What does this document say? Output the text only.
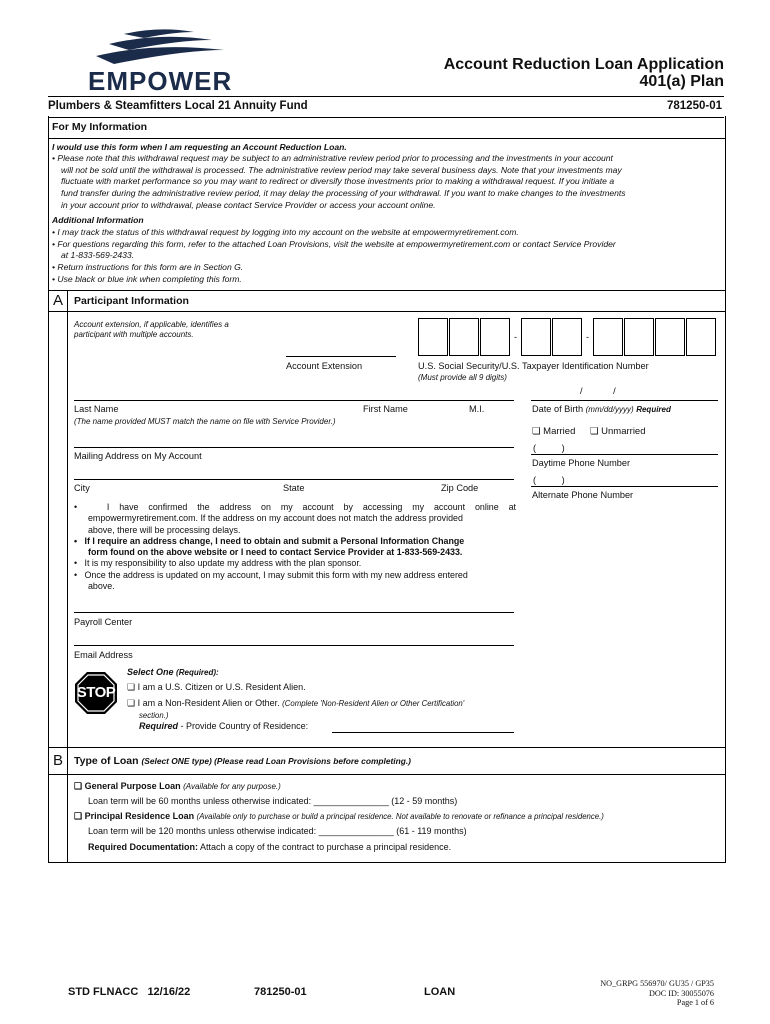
EMPOWER
Account Reduction Loan Application
401(a) Plan
Plumbers & Steamfitters Local 21 Annuity Fund	781250-01
For My Information
I would use this form when I am requesting an Account Reduction Loan.
• Please note that this withdrawal request may be subject to an administrative review period prior to processing and the investments in your account
will not be sold until the withdrawal is processed. The administrative review period may take several business days. Note that your investments may
fluctuate with market performance so you may want to redirect or diversify those investments prior to making a withdrawal request. If you initiate a
fund transfer during the administrative review period, it may delay the processing of your withdrawal. If you want to make changes to the investments
in your account prior to withdrawal, please contact Service Provider or access your account online.
Additional Information
• I may track the status of this withdrawal request by logging into my account on the website at empowermyretirement.com.
• For questions regarding this form, refer to the attached Loan Provisions, visit the website at empowermyretirement.com or contact Service Provider
at 1-833-569-2433.
• Return instructions for this form are in Section G.
• Use black or blue ink when completing this form.
A Participant Information
Account extension, if applicable, identifies a
participant with multiple accounts.
Account Extension
-	-
U.S. Social Security/U.S. Taxpayer Identification Number
(Must provide all 9 digits)
Last Name	First Name	M.I.
(The name provided MUST match the name on file with Service Provider.)
/            /
Date of Birth (mm/dd/yyyy) Required
❏ Married ❏ Unmarried
Mailing Address on My Account
(          )
Daytime Phone Number
City	State	Zip Code
(          )
Alternate Phone Number
•   I have confirmed the address on my account by accessing my account online at
empowermyretirement.com. If the address on my account does not match the address provided
above, there will be processing delays.
•   If I require an address change, I need to obtain and submit a Personal Information Change
form found on the above website or I need to contact Service Provider at 1-833-569-2433.
•   It is my responsibility to also update my address with the plan sponsor.
•   Once the address is updated on my account, I may submit this form with my new address entered
above.
Payroll Center
Email Address
STOP
Select One (Required):
❏ I am a U.S. Citizen or U.S. Resident Alien.
❏ I am a Non-Resident Alien or Other. (Complete 'Non-Resident Alien or Other Certification'
section.)
Required - Provide Country of Residence:
B Type of Loan (Select ONE type) (Please read Loan Provisions before completing.)
❏ General Purpose Loan (Available for any purpose.)
Loan term will be 60 months unless otherwise indicated: _______________ (12 - 59 months)
❏ Principal Residence Loan (Available only to purchase or build a principal residence. Not available to renovate or refinance a principal residence.)
Loan term will be 120 months unless otherwise indicated: _______________ (61 - 119 months)
Required Documentation: Attach a copy of the contract to purchase a principal residence.
STD FLNACC   12/16/22	781250-01	LOAN
NO_GRPG 556970/ GU35 / GP35
DOC ID: 30055076
Page 1 of 6
